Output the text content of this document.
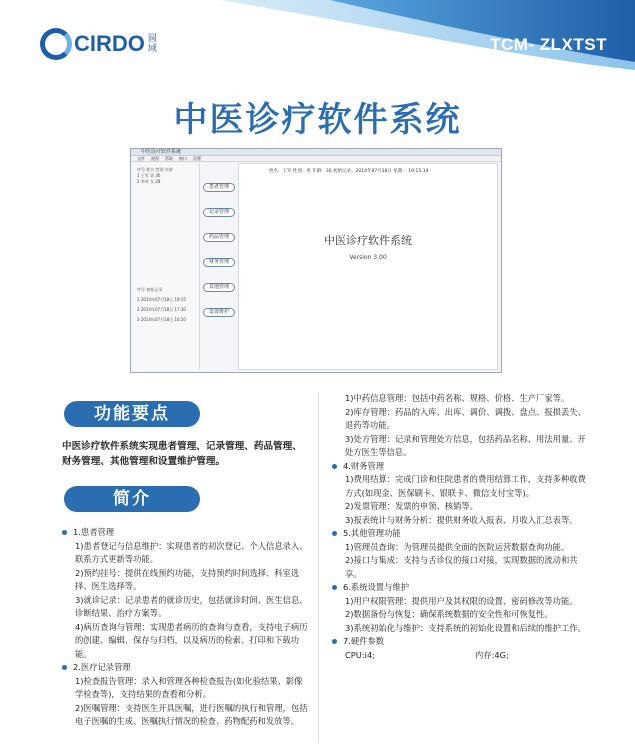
CIRDO 圆域	TCM- ZLXTST
中医诊疗软件系统
中医诊疗软件系统
文件 视图 帮助 窗口 设置
序号 姓名 性别 年龄
1 王军 男 30
2 李华 女 28
序号 初始记录
1 2014年07月18日 19:15
2 2014年07月18日 17:30
3 2014年07月18日 16:20
患者管理
记录管理
药品管理
财务管理
其他管理
设置维护
姓名：王军 性别：男 年龄：30 初始记录：2014年07月18日 星期一 19:15:14
中医诊疗软件系统
Version 3.00
功能要点
中医诊疗软件系统实现患者管理、记录管理、药品管理、财务管理、其他管理和设置维护管理。
简介
1.患者管理
1)患者登记与信息维护：实现患者的初次登记、个人信息录入、联系方式更新等功能。
2)预约挂号：提供在线预约功能，支持预约时间选择、科室选择、医生选择等。
3)就诊记录：记录患者的就诊历史，包括就诊时间、医生信息、诊断结果、治疗方案等。
4)病历查询与管理：实现患者病历的查询与查看，支持电子病历的创建、编辑、保存与归档，以及病历的检索、打印和下载功能。
2.医疗记录管理
1)检查报告管理：录入和管理各种检查报告(如化验结果、影像学检查等)，支持结果的查看和分析。
2)医嘱管理：支持医生开具医嘱，进行医嘱的执行和管理，包括电子医嘱的生成、医嘱执行情况的检查、药物配药和发放等。
1)中药信息管理：包括中药名称、规格、价格、生产厂家等。
2)库存管理：药品的入库、出库、调价、调拨、盘点、报损丢失、退药等功能。
3)处方管理：记录和管理处方信息，包括药品名称、用法用量、开处方医生等信息。
4.财务管理
1)费用结算：完成门诊和住院患者的费用结算工作，支持多种收费方式(如现金、医保刷卡、银联卡、微信支付宝等)。
2)发票管理：发票的申领、核销等。
3)报表统计与财务分析：提供财务收入报表、月收入汇总表等。
5.其他管理功能
1)管理员查询：为管理员提供全面的医院运营数据查询功能。
2)接口与集成：支持与舌诊仪的接口对接，实现数据的流动和共享。
6.系统设置与维护
1)用户权限管理：提供用户及其权限的设置、密码修改等功能。
2)数据备份与恢复：确保系统数据的安全性和可恢复性。
3)系统初始化与维护：支持系统的初始化设置和后续的维护工作。
7.硬件参数
CPU:i4;	内存:4G;
